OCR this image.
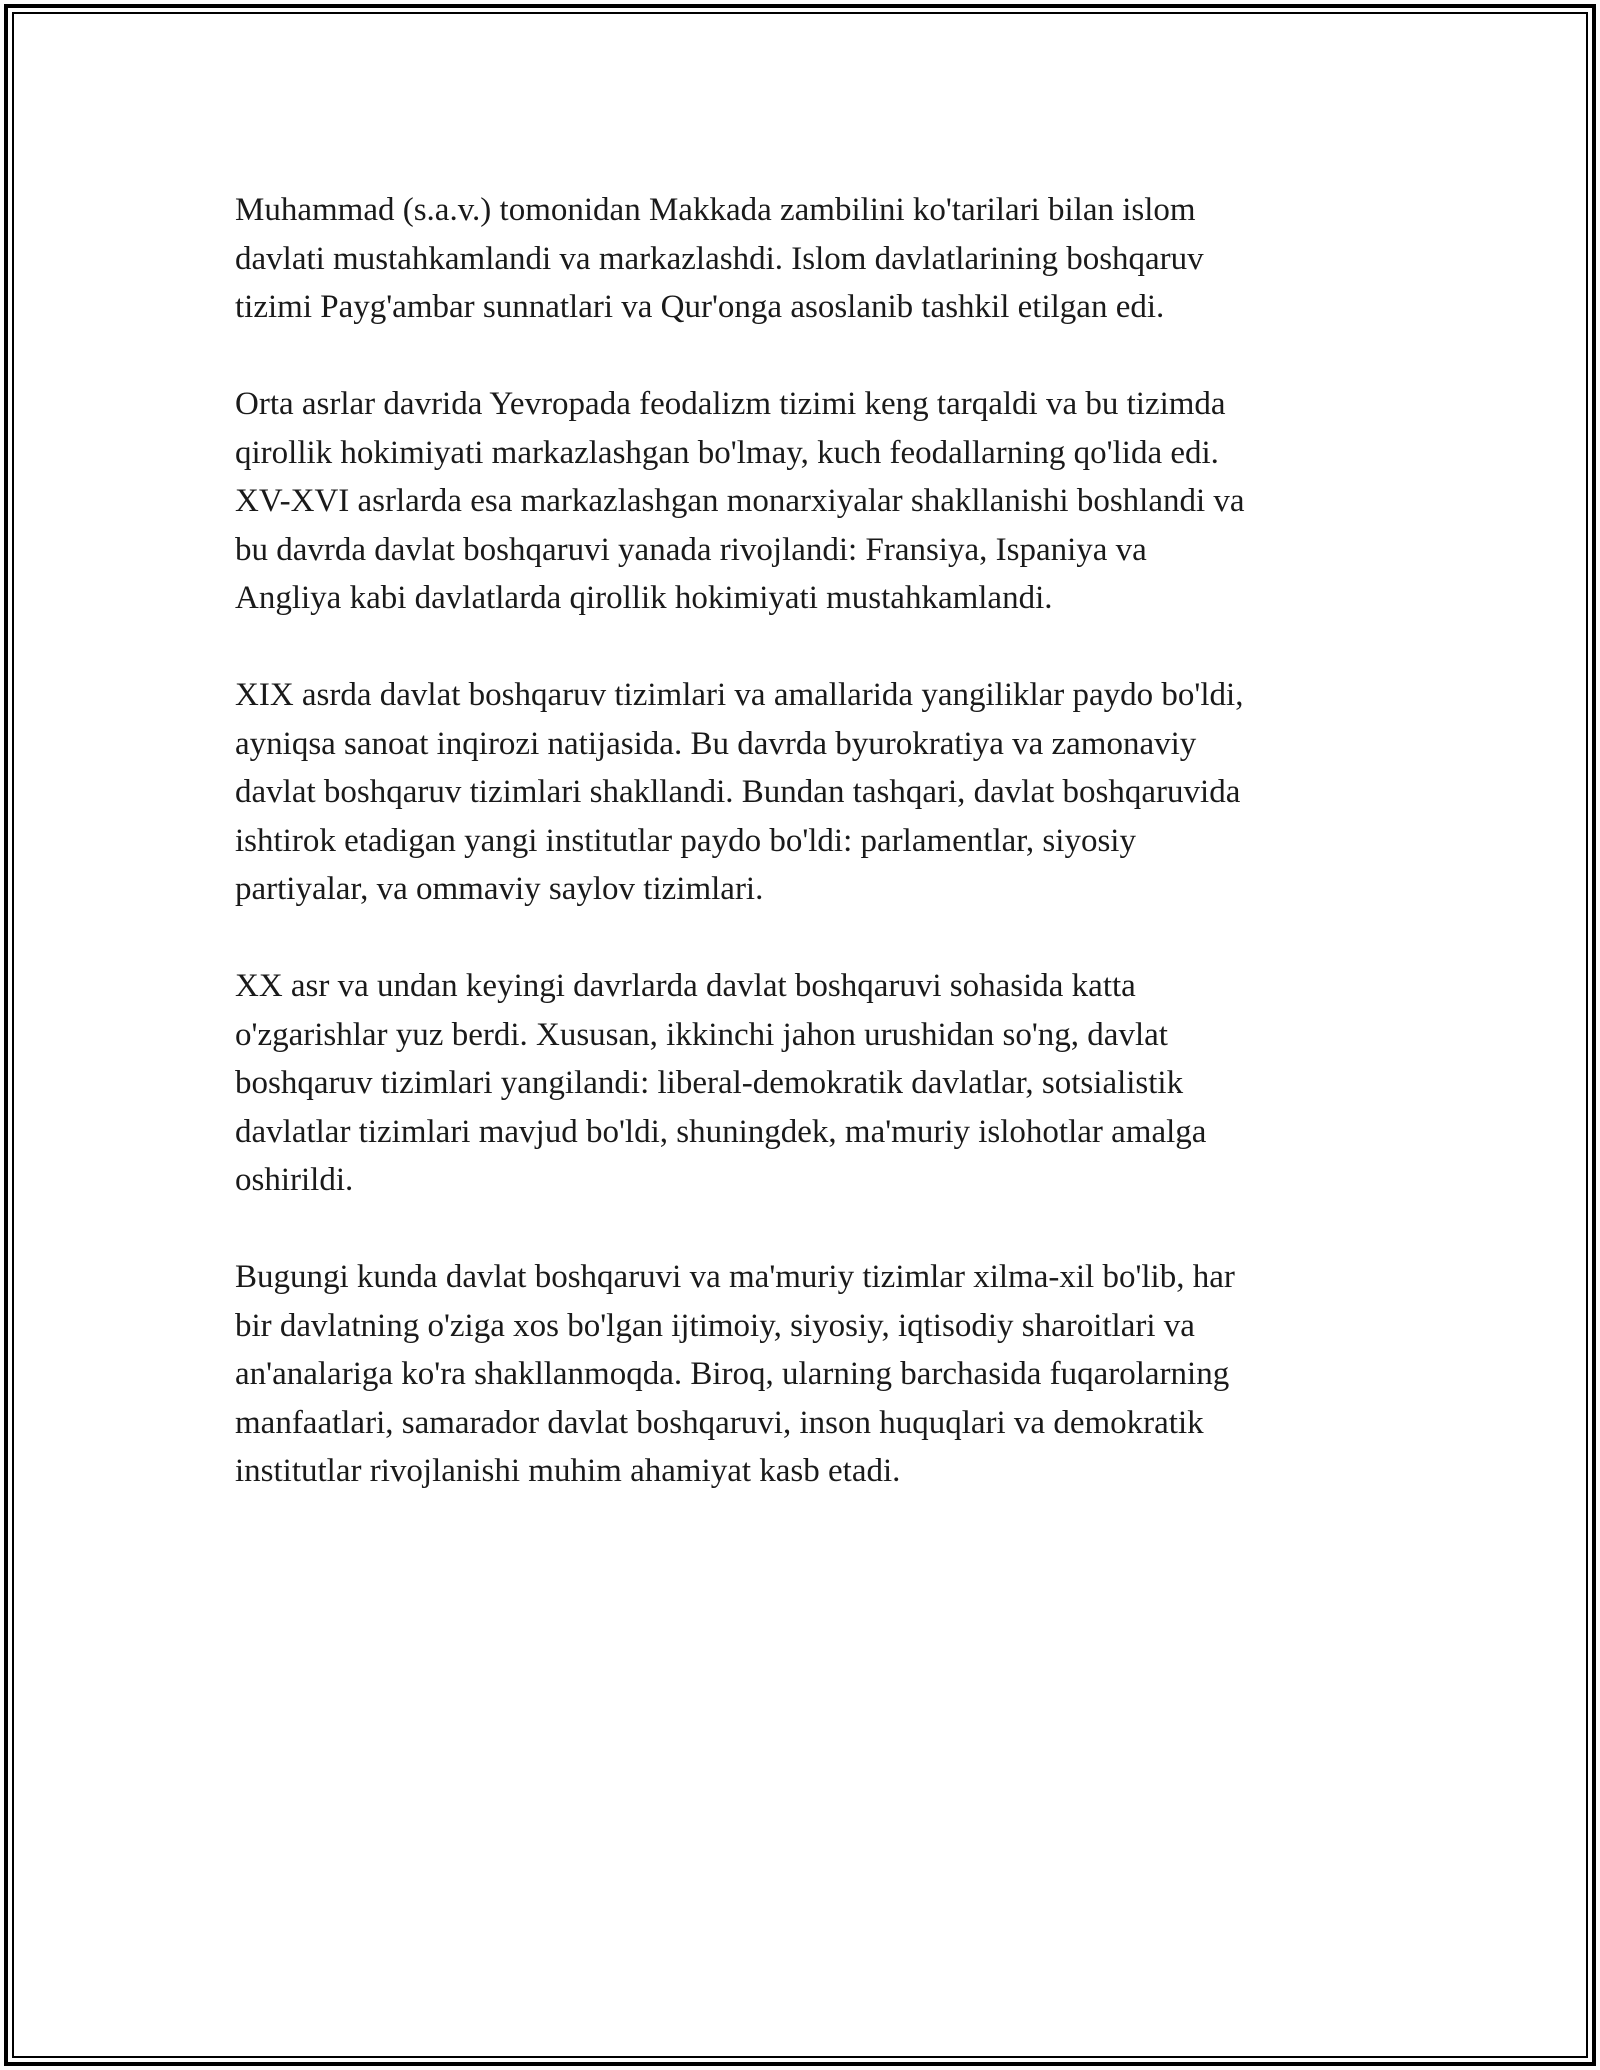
Muhammad (s.a.v.) tomonidan Makkada zambilini ko'tarilari bilan islom
davlati mustahkamlandi va markazlashdi. Islom davlatlarining boshqaruv
tizimi Payg'ambar sunnatlari va Qur'onga asoslanib tashkil etilgan edi.

Orta asrlar davrida Yevropada feodalizm tizimi keng tarqaldi va bu tizimda
qirollik hokimiyati markazlashgan bo'lmay, kuch feodallarning qo'lida edi.
XV-XVI asrlarda esa markazlashgan monarxiyalar shakllanishi boshlandi va
bu davrda davlat boshqaruvi yanada rivojlandi: Fransiya, Ispaniya va
Angliya kabi davlatlarda qirollik hokimiyati mustahkamlandi.

XIX asrda davlat boshqaruv tizimlari va amallarida yangiliklar paydo bo'ldi,
ayniqsa sanoat inqirozi natijasida. Bu davrda byurokratiya va zamonaviy
davlat boshqaruv tizimlari shakllandi. Bundan tashqari, davlat boshqaruvida
ishtirok etadigan yangi institutlar paydo bo'ldi: parlamentlar, siyosiy
partiyalar, va ommaviy saylov tizimlari.

XX asr va undan keyingi davrlarda davlat boshqaruvi sohasida katta
o'zgarishlar yuz berdi. Xususan, ikkinchi jahon urushidan so'ng, davlat
boshqaruv tizimlari yangilandi: liberal-demokratik davlatlar, sotsialistik
davlatlar tizimlari mavjud bo'ldi, shuningdek, ma'muriy islohotlar amalga
oshirildi.

Bugungi kunda davlat boshqaruvi va ma'muriy tizimlar xilma-xil bo'lib, har
bir davlatning o'ziga xos bo'lgan ijtimoiy, siyosiy, iqtisodiy sharoitlari va
an'analariga ko'ra shakllanmoqda. Biroq, ularning barchasida fuqarolarning
manfaatlari, samarador davlat boshqaruvi, inson huquqlari va demokratik
institutlar rivojlanishi muhim ahamiyat kasb etadi.
